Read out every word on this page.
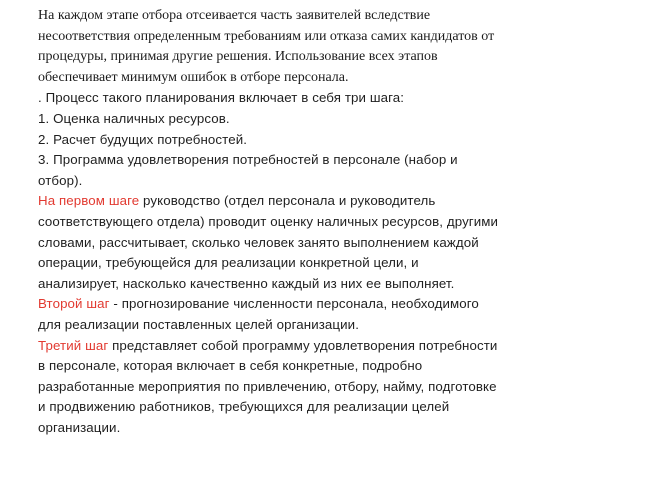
На каждом этапе отбора отсеивается часть заявителей вследствие несоответствия определенным требованиям или отказа самих кандидатов от процедуры, принимая другие решения. Использование всех этапов обеспечивает минимум ошибок в отборе персонала.

. Процесс такого планирования включает в себя три шага:

1. Оценка наличных ресурсов.

2. Расчет будущих потребностей.

3. Программа удовлетворения потребностей в персонале (набор и отбор).

На первом шаге руководство (отдел персонала и руководитель соответствующего отдела) проводит оценку наличных ресурсов, другими словами, рассчитывает, сколько человек занято выполнением каждой операции, требующейся для реализации конкретной цели, и анализирует, насколько качественно каждый из них ее выполняет.

Второй шаг - прогнозирование численности персонала, необходимого для реализации поставленных целей организации.

Третий шаг представляет собой программу удовлетворения потребности в персонале, которая включает в себя конкретные, подробно разработанные мероприятия по привлечению, отбору, найму, подготовке и продвижению работников, требующихся для реализации целей организации.
